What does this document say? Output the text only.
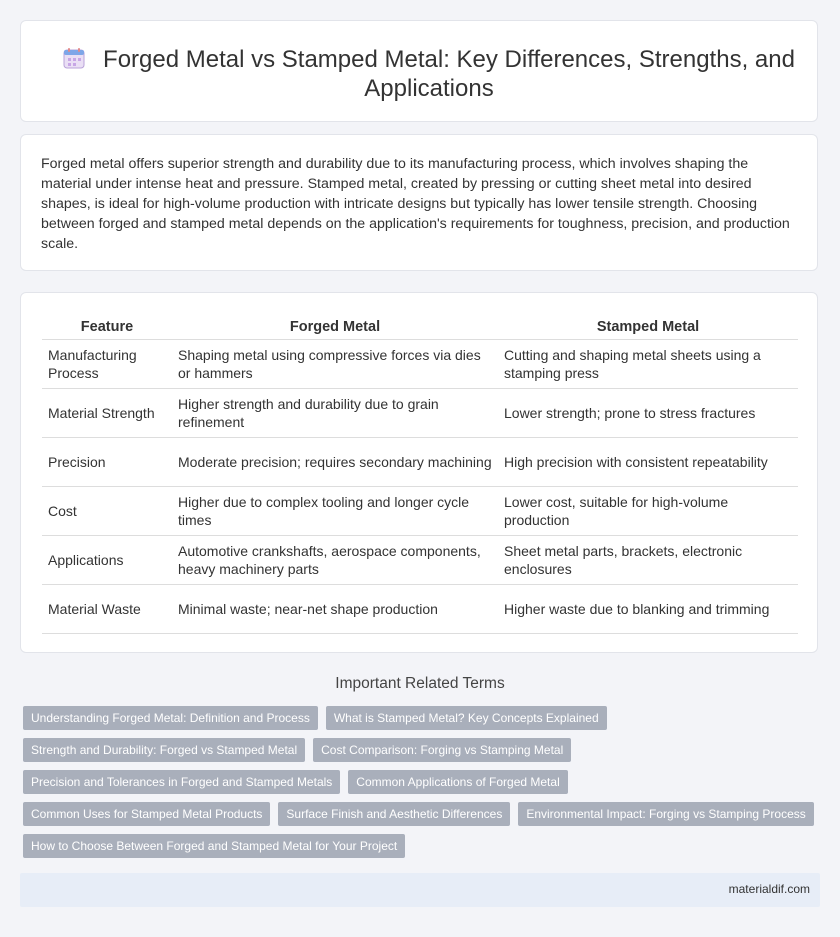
Forged Metal vs Stamped Metal: Key Differences, Strengths, and
Applications

Forged metal offers superior strength and durability due to its manufacturing process, which involves shaping the material under intense heat and pressure. Stamped metal, created by pressing or cutting sheet metal into desired shapes, is ideal for high-volume production with intricate designs but typically has lower tensile strength. Choosing between forged and stamped metal depends on the application's requirements for toughness, precision, and production scale.

Feature	Forged Metal	Stamped Metal
Manufacturing Process	Shaping metal using compressive forces via dies or hammers	Cutting and shaping metal sheets using a stamping press
Material Strength	Higher strength and durability due to grain refinement	Lower strength; prone to stress fractures
Precision	Moderate precision; requires secondary machining	High precision with consistent repeatability
Cost	Higher due to complex tooling and longer cycle times	Lower cost, suitable for high-volume production
Applications	Automotive crankshafts, aerospace components, heavy machinery parts	Sheet metal parts, brackets, electronic enclosures
Material Waste	Minimal waste; near-net shape production	Higher waste due to blanking and trimming
Important Related Terms
Understanding Forged Metal: Definition and Process	What is Stamped Metal? Key Concepts Explained
Strength and Durability: Forged vs Stamped Metal	Cost Comparison: Forging vs Stamping Metal
Precision and Tolerances in Forged and Stamped Metals	Common Applications of Forged Metal
Common Uses for Stamped Metal Products	Surface Finish and Aesthetic Differences	Environmental Impact: Forging vs Stamping Process
How to Choose Between Forged and Stamped Metal for Your Project
materialdif.com
